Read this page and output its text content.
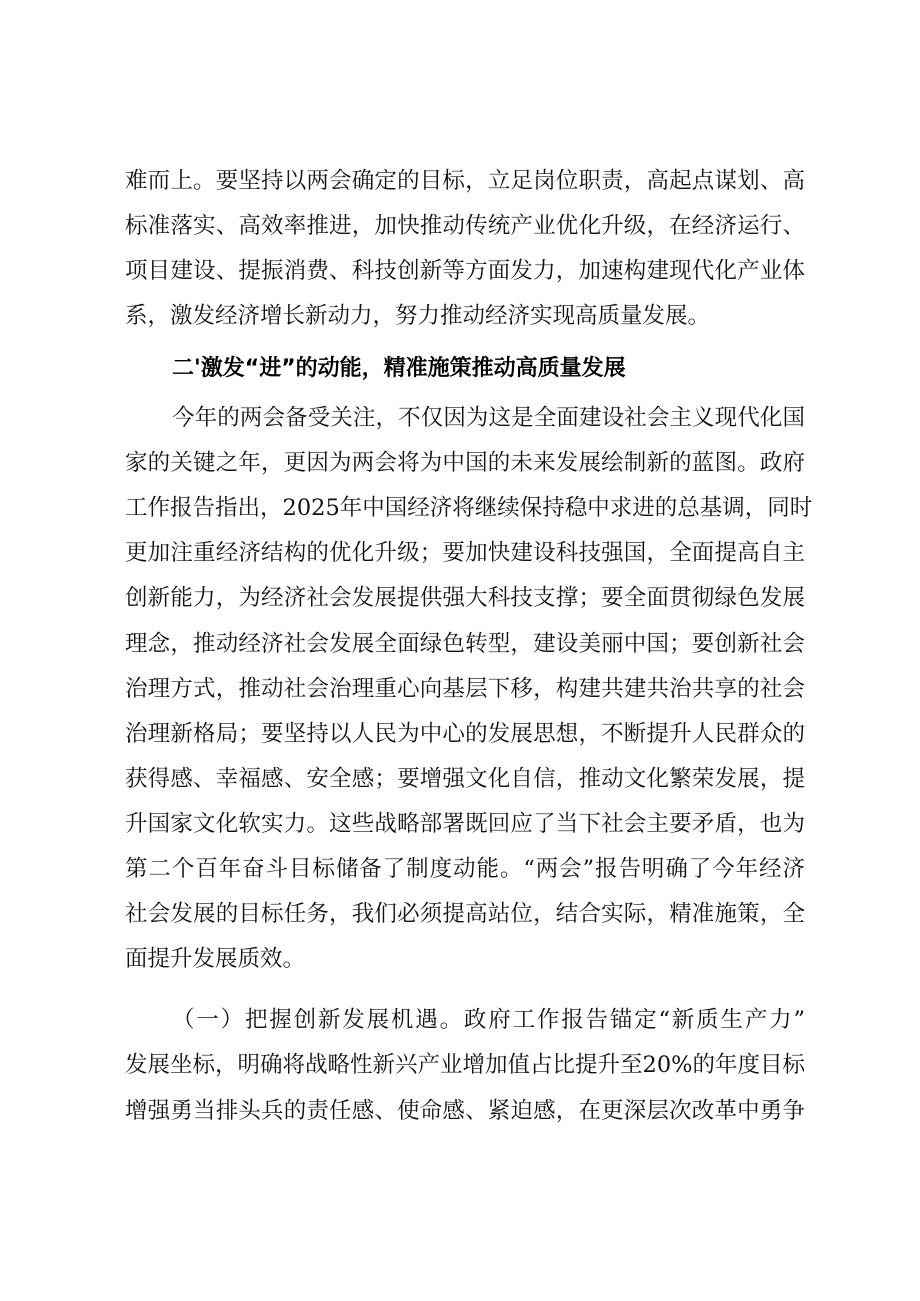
难而上。要坚持以两会确定的目标，立足岗位职责，高起点谋划、高
标准落实、高效率推进，加快推动传统产业优化升级，在经济运行、
项目建设、提振消费、科技创新等方面发力，加速构建现代化产业体
系，激发经济增长新动力，努力推动经济实现高质量发展。
二'激发“进”的动能，精准施策推动高质量发展
今年的两会备受关注，不仅因为这是全面建设社会主义现代化国
家的关键之年，更因为两会将为中国的未来发展绘制新的蓝图。政府
工作报告指出，2025年中国经济将继续保持稳中求进的总基调，同时
更加注重经济结构的优化升级；要加快建设科技强国，全面提高自主
创新能力，为经济社会发展提供强大科技支撑；要全面贯彻绿色发展
理念，推动经济社会发展全面绿色转型，建设美丽中国；要创新社会
治理方式，推动社会治理重心向基层下移，构建共建共治共享的社会
治理新格局；要坚持以人民为中心的发展思想，不断提升人民群众的
获得感、幸福感、安全感；要增强文化自信，推动文化繁荣发展，提
升国家文化软实力。这些战略部署既回应了当下社会主要矛盾，也为
第二个百年奋斗目标储备了制度动能。“两会”报告明确了今年经济
社会发展的目标任务，我们必须提高站位，结合实际，精准施策，全
面提升发展质效。
（一）把握创新发展机遇。政府工作报告锚定“新质生产力”
发展坐标，明确将战略性新兴产业增加值占比提升至20%的年度目标
增强勇当排头兵的责任感、使命感、紧迫感，在更深层次改革中勇争
